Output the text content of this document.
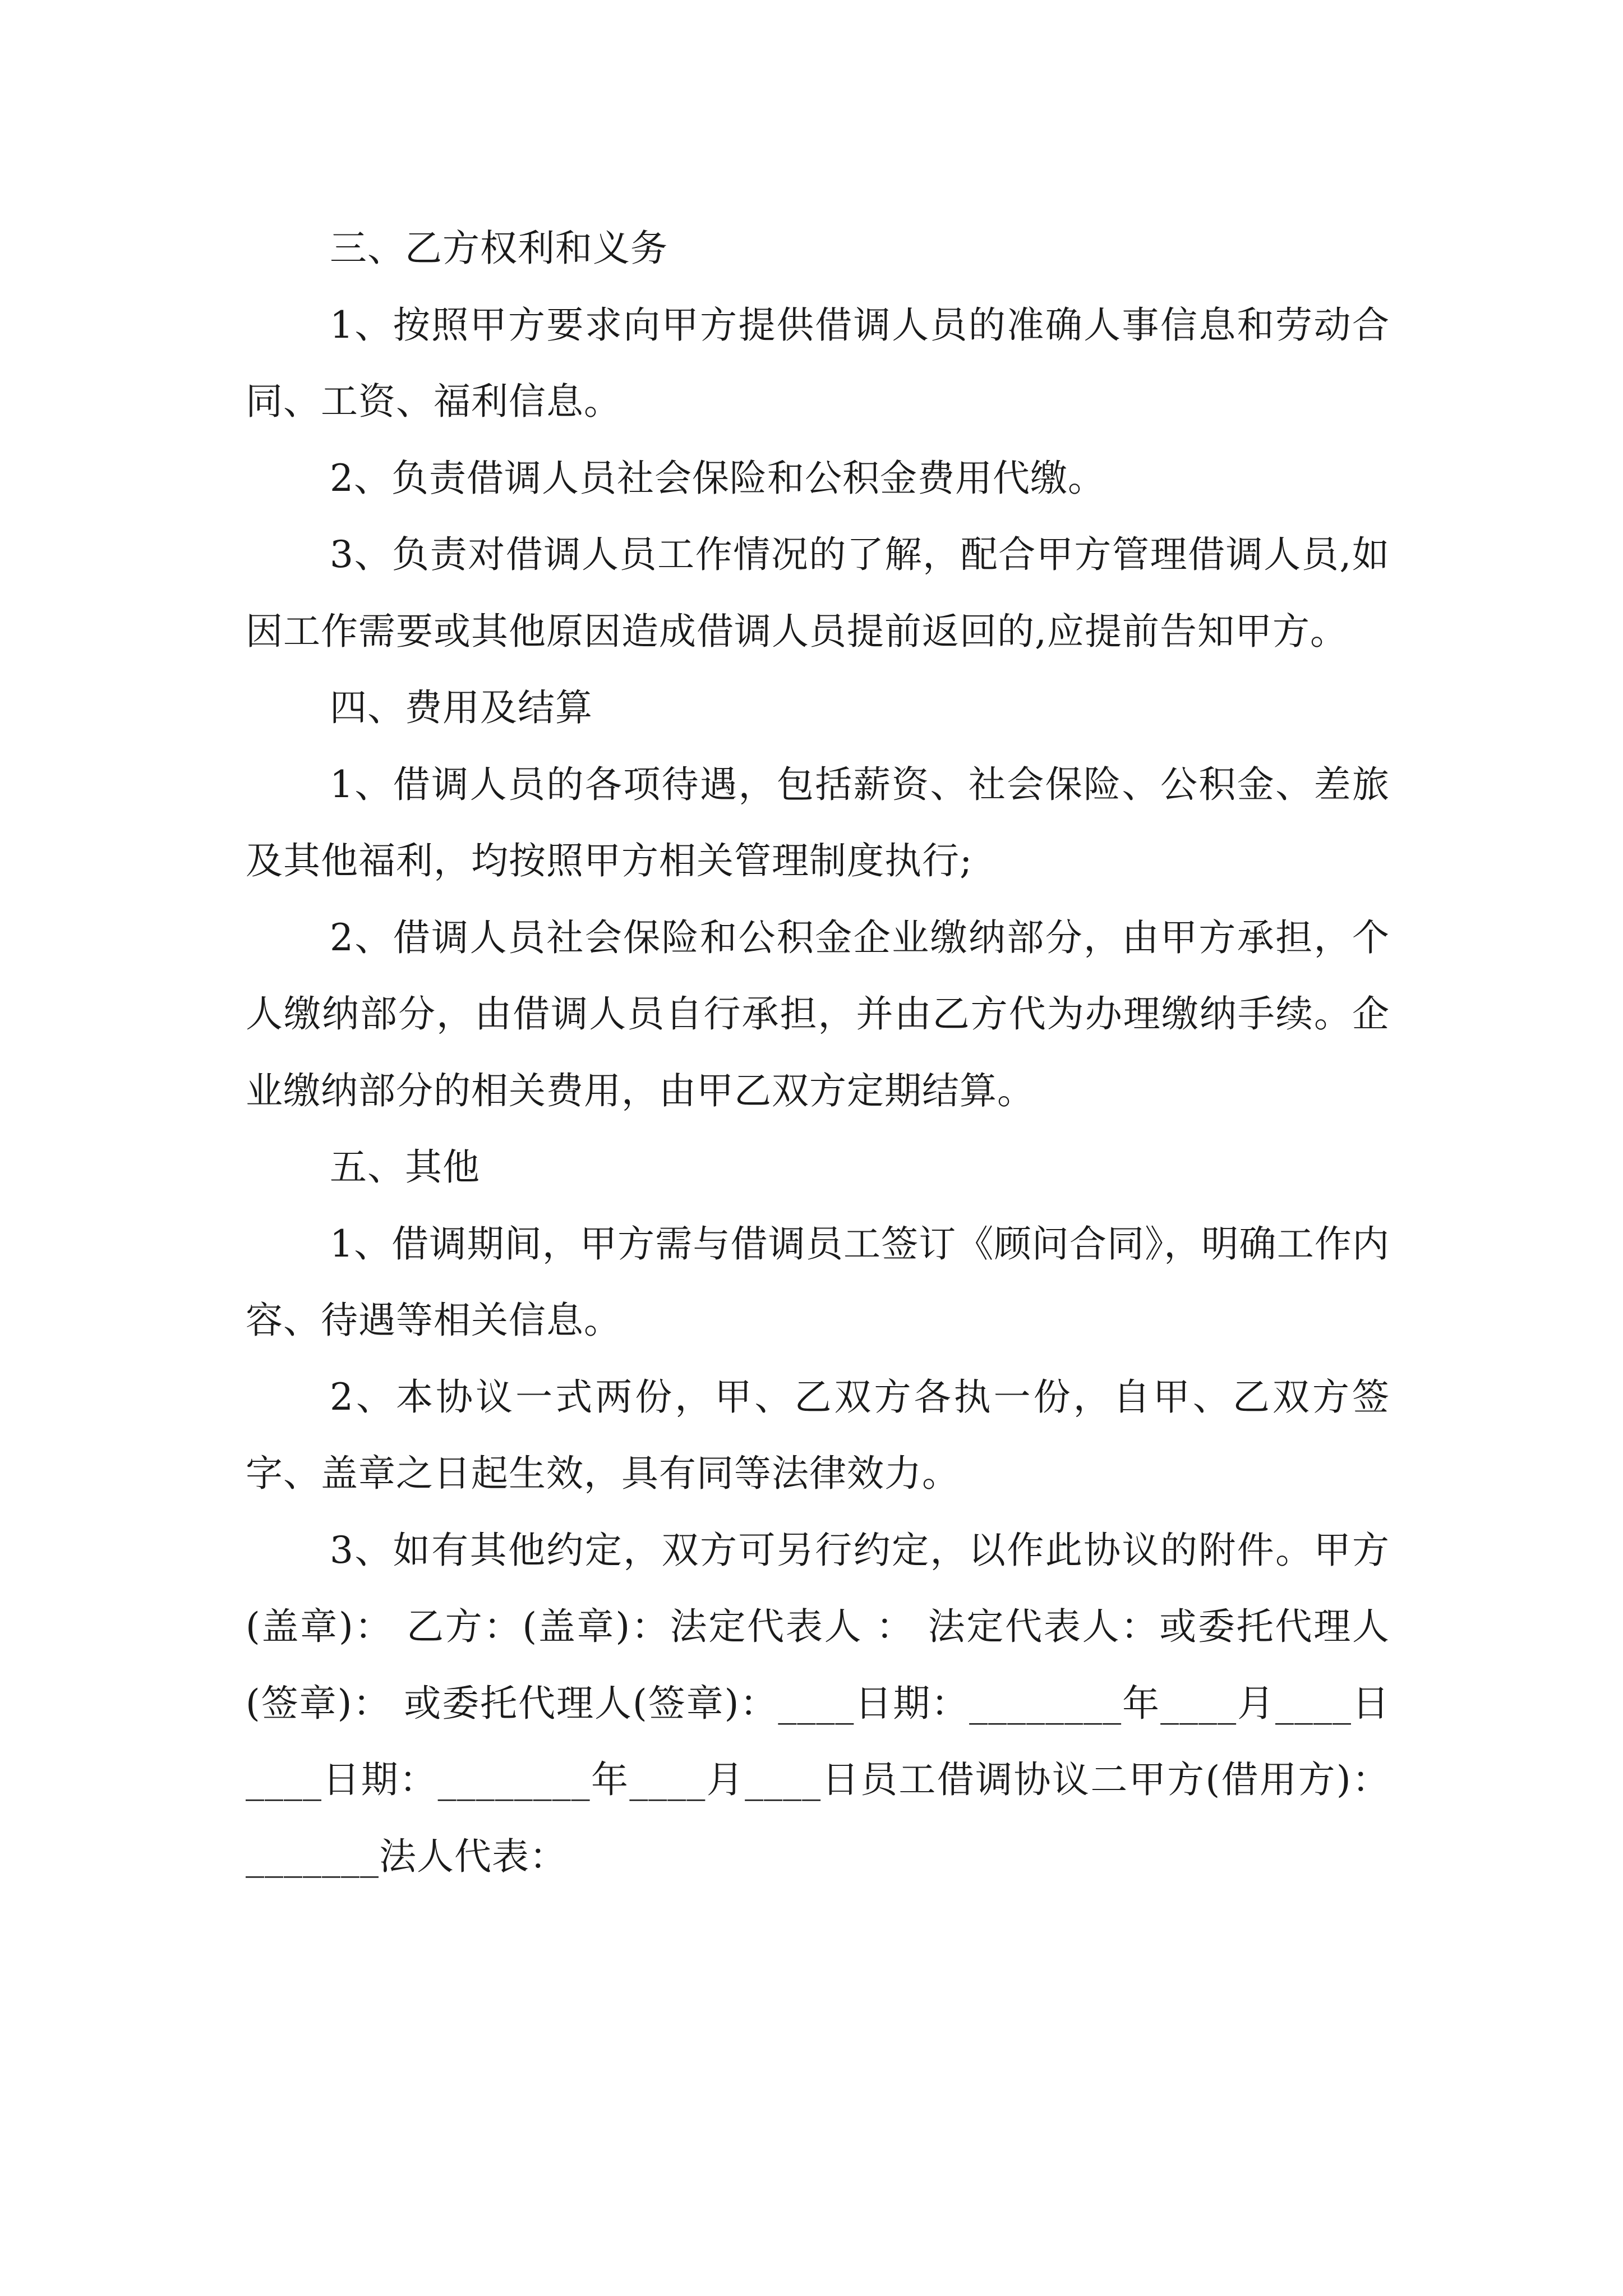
三、乙方权利和义务

1、按照甲方要求向甲方提供借调人员的准确人事信息和劳动合同、工资、福利信息。

2、负责借调人员社会保险和公积金费用代缴。

3、负责对借调人员工作情况的了解，配合甲方管理借调人员,如因工作需要或其他原因造成借调人员提前返回的,应提前告知甲方。

四、费用及结算

1、借调人员的各项待遇，包括薪资、社会保险、公积金、差旅及其他福利，均按照甲方相关管理制度执行;

2、借调人员社会保险和公积金企业缴纳部分，由甲方承担，个人缴纳部分，由借调人员自行承担，并由乙方代为办理缴纳手续。企业缴纳部分的相关费用，由甲乙双方定期结算。

五、其他

1、借调期间，甲方需与借调员工签订《顾问合同》，明确工作内容、待遇等相关信息。

2、本协议一式两份，甲、乙双方各执一份，自甲、乙双方签字、盖章之日起生效，具有同等法律效力。

3、如有其他约定，双方可另行约定，以作此协议的附件。甲方(盖章)： 乙方：(盖章)：法定代表人 ： 法定代表人：或委托代理人(签章)： 或委托代理人(签章)：____日期：________年____月____日____日期：________年____月____日员工借调协议二甲方(借用方)：_______法人代表：
